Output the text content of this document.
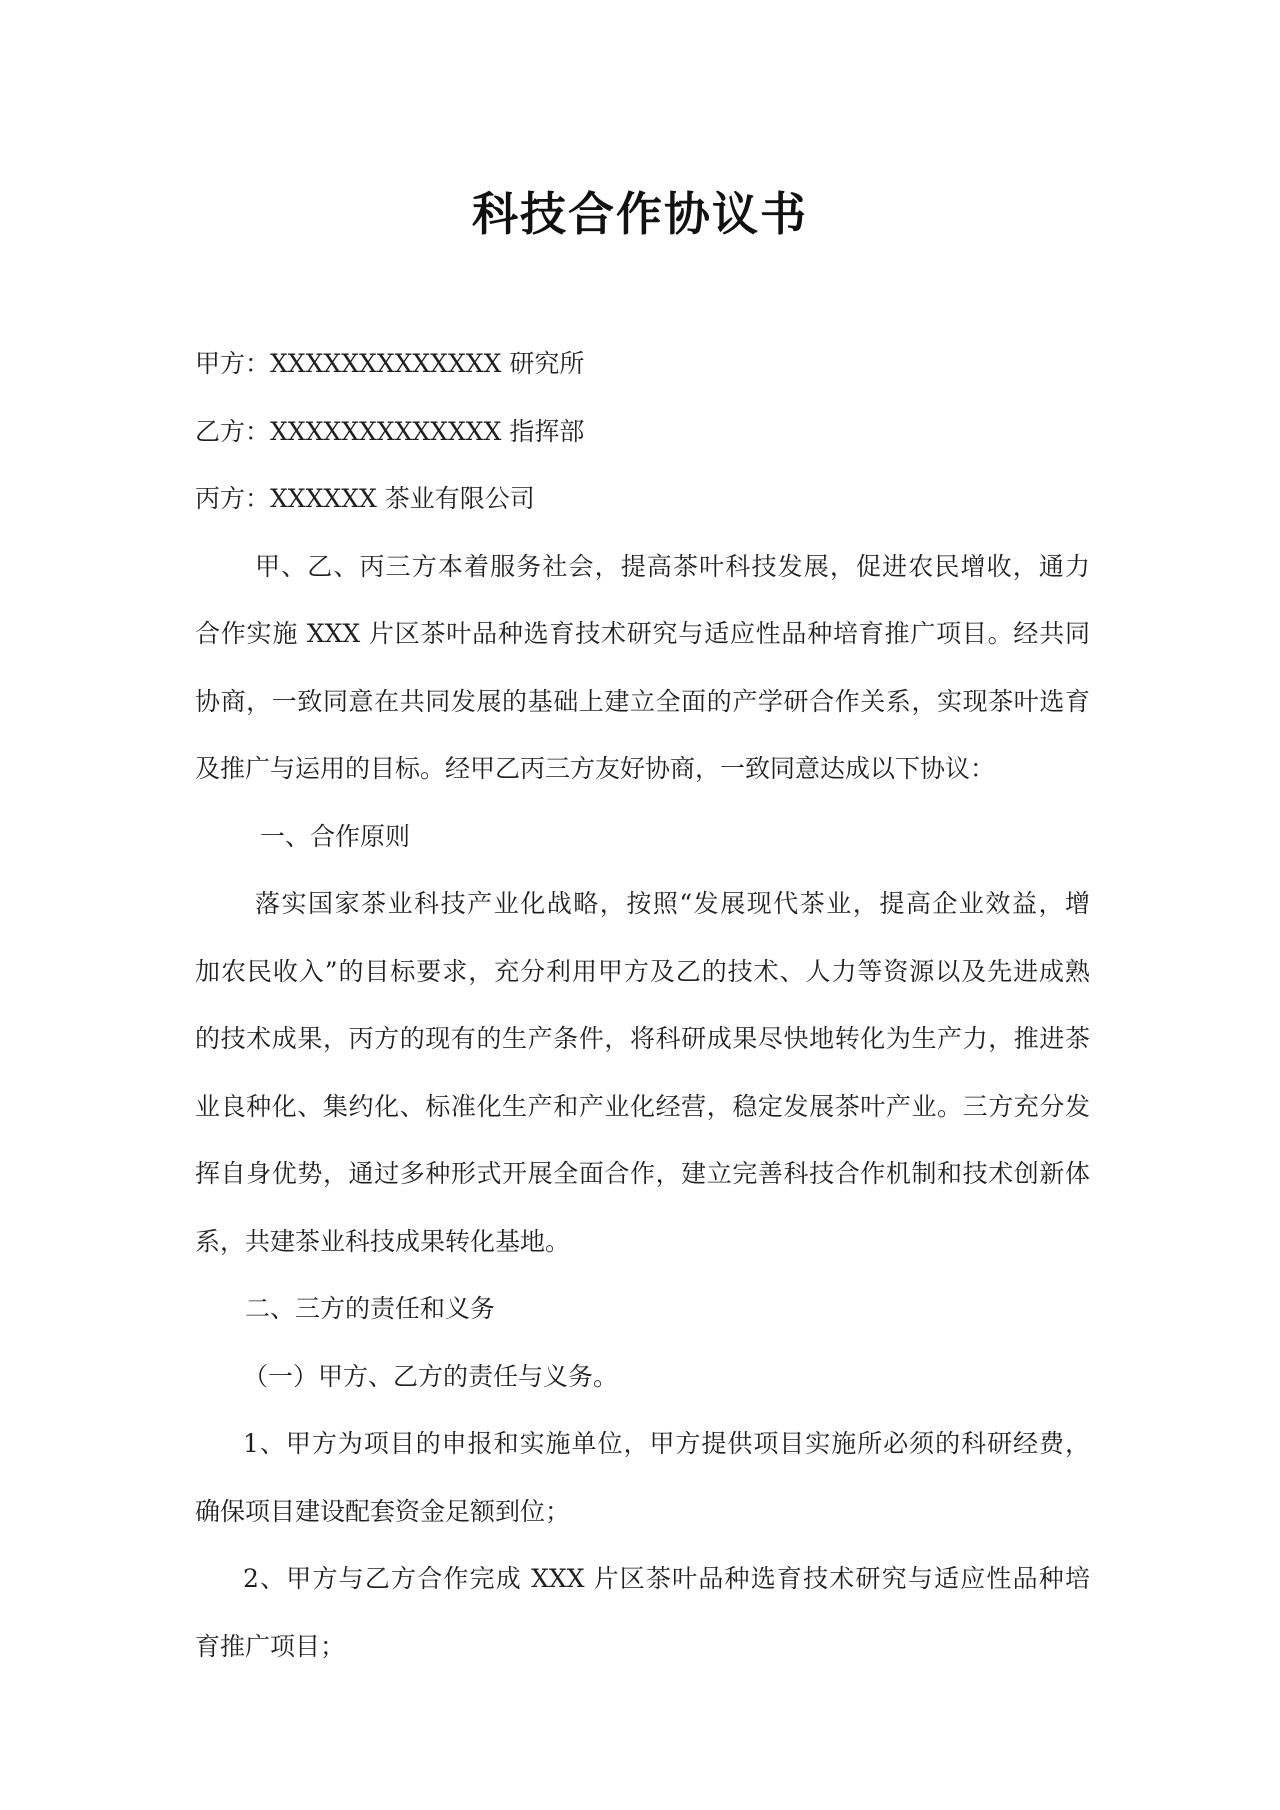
科技合作协议书
甲方：XXXXXXXXXXXXX 研究所
乙方：XXXXXXXXXXXXX 指挥部
丙方：XXXXXX 茶业有限公司
甲、乙、丙三方本着服务社会，提高茶叶科技发展，促进农民增收，通力
合作实施 XXX 片区茶叶品种选育技术研究与适应性品种培育推广项目。经共同
协商，一致同意在共同发展的基础上建立全面的产学研合作关系，实现茶叶选育
及推广与运用的目标。经甲乙丙三方友好协商，一致同意达成以下协议：
一、合作原则
落实国家茶业科技产业化战略，按照“发展现代茶业，提高企业效益，增
加农民收入”的目标要求，充分利用甲方及乙的技术、人力等资源以及先进成熟
的技术成果，丙方的现有的生产条件，将科研成果尽快地转化为生产力，推进茶
业良种化、集约化、标准化生产和产业化经营，稳定发展茶叶产业。三方充分发
挥自身优势，通过多种形式开展全面合作，建立完善科技合作机制和技术创新体
系，共建茶业科技成果转化基地。
二、三方的责任和义务
（一）甲方、乙方的责任与义务。
1、甲方为项目的申报和实施单位，甲方提供项目实施所必须的科研经费，
确保项目建设配套资金足额到位；
2、甲方与乙方合作完成 XXX 片区茶叶品种选育技术研究与适应性品种培
育推广项目；
